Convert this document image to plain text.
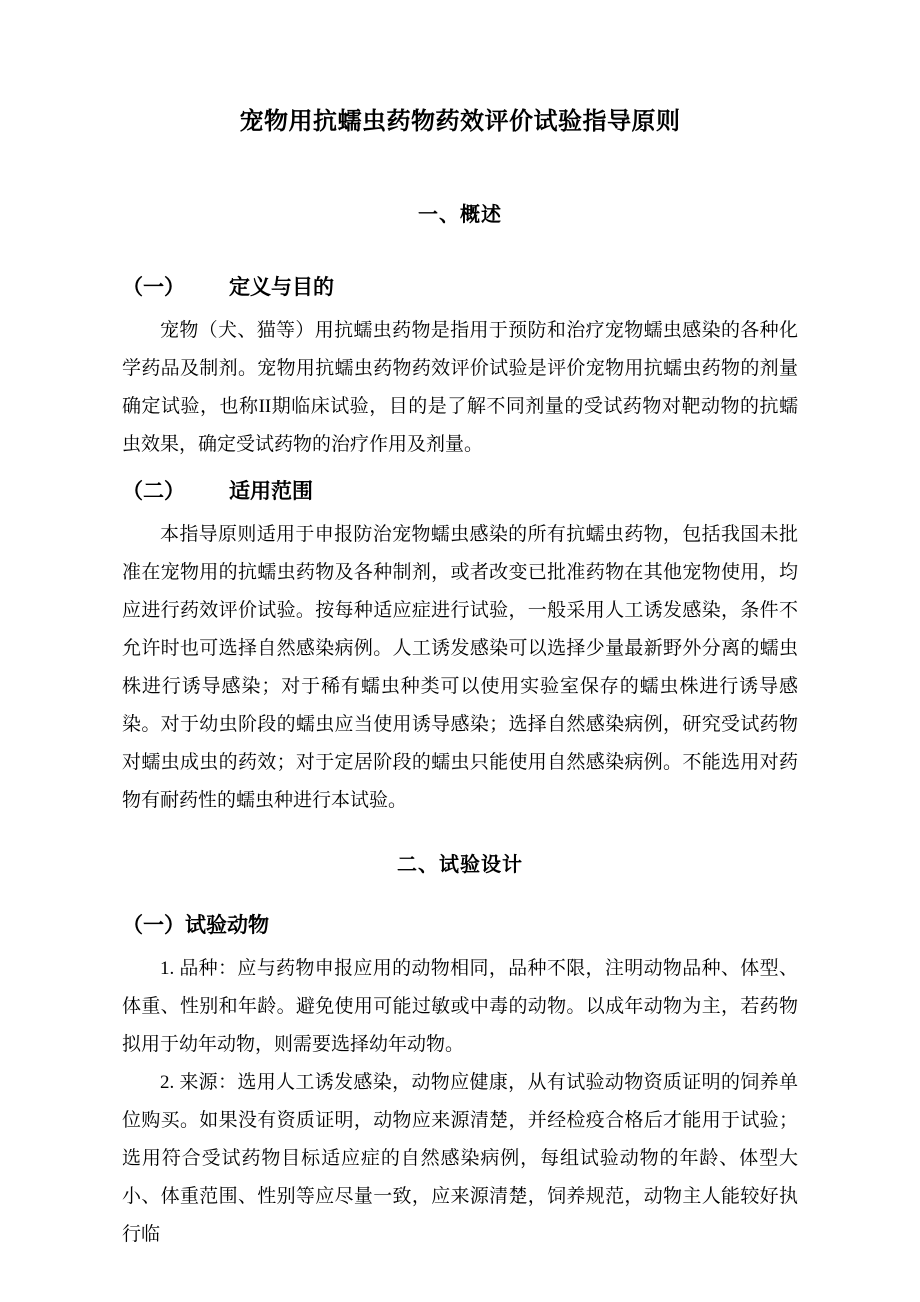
宠物用抗蠕虫药物药效评价试验指导原则
一、概述
（一） 定义与目的

宠物（犬、猫等）用抗蠕虫药物是指用于预防和治疗宠物蠕虫感染的各种化学药品及制剂。宠物用抗蠕虫药物药效评价试验是评价宠物用抗蠕虫药物的剂量确定试验，也称II期临床试验，目的是了解不同剂量的受试药物对靶动物的抗蠕虫效果，确定受试药物的治疗作用及剂量。

（二） 适用范围

本指导原则适用于申报防治宠物蠕虫感染的所有抗蠕虫药物，包括我国未批准在宠物用的抗蠕虫药物及各种制剂，或者改变已批准药物在其他宠物使用，均应进行药效评价试验。按每种适应症进行试验，一般采用人工诱发感染，条件不允许时也可选择自然感染病例。人工诱发感染可以选择少量最新野外分离的蠕虫株进行诱导感染；对于稀有蠕虫种类可以使用实验室保存的蠕虫株进行诱导感染。对于幼虫阶段的蠕虫应当使用诱导感染；选择自然感染病例，研究受试药物对蠕虫成虫的药效；对于定居阶段的蠕虫只能使用自然感染病例。不能选用对药物有耐药性的蠕虫种进行本试验。

二、试验设计
（一）试验动物

1. 品种：应与药物申报应用的动物相同，品种不限，注明动物品种、体型、体重、性别和年龄。避免使用可能过敏或中毒的动物。以成年动物为主，若药物拟用于幼年动物，则需要选择幼年动物。

2. 来源：选用人工诱发感染，动物应健康，从有试验动物资质证明的饲养单位购买。如果没有资质证明，动物应来源清楚，并经检疫合格后才能用于试验；选用符合受试药物目标适应症的自然感染病例，每组试验动物的年龄、体型大小、体重范围、性别等应尽量一致，应来源清楚，饲养规范，动物主人能较好执行临
